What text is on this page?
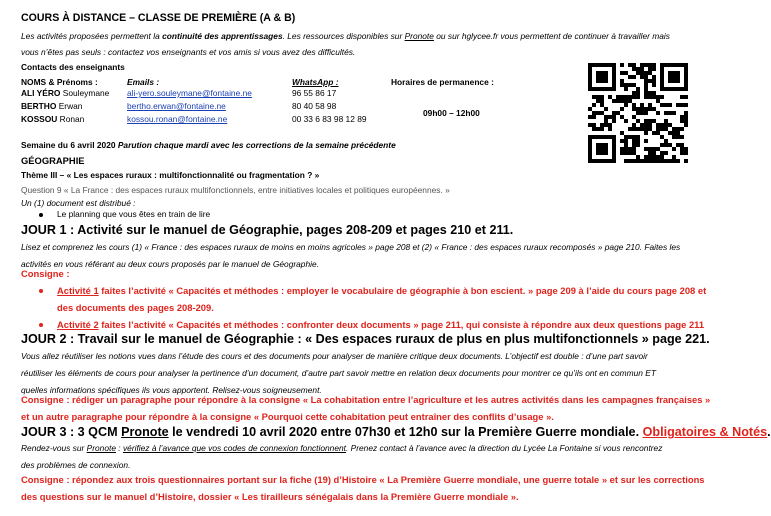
COURS À DISTANCE – CLASSE DE PREMIÈRE (A & B)
Les activités proposées permettent la continuité des apprentissages. Les ressources disponibles sur Pronote ou sur hglycee.fr vous permettent de continuer à travailler mais
vous n’êtes pas seuls : contactez vos enseignants et vos amis si vous avez des difficultés.
Contacts des enseignants
NOMS & Prénoms :	Emails :	WhatsApp :	Horaires de permanence :
09h00 – 12h00
ALI YÉRO Souleymane ali-yero.souleymane@fontaine.ne	96 55 86 17
BERTHO Erwan	bertho.erwan@fontaine.ne	80 40 58 98
KOSSOU Ronan	kossou.ronan@fontaine.ne	00 33 6 83 98 12 89
Semaine du 6 avril 2020 Parution chaque mardi avec les corrections de la semaine précédente
GÉOGRAPHIE
Thème III – « Les espaces ruraux : multifonctionnalité ou fragmentation ? »
Question 9 « La France : des espaces ruraux multifonctionnels, entre initiatives locales et politiques européennes. »
Un (1) document est distribué :
Le planning que vous êtes en train de lire
JOUR 1 : Activité sur le manuel de Géographie, pages 208-209 et pages 210 et 211.
Lisez et comprenez les cours (1) « France : des espaces ruraux de moins en moins agricoles » page 208 et (2) « France : des espaces ruraux recomposés » page 210. Faites les
activités en vous référant au deux cours proposés par le manuel de Géographie.
Consigne :
Activité 1 faites l’activité « Capacités et méthodes : employer le vocabulaire de géographie à bon escient. » page 209 à l’aide du cours page 208 et
des documents des pages 208-209.
Activité 2 faites l’activité « Capacités et méthodes : confronter deux documents » page 211, qui consiste à répondre aux deux questions page 211
JOUR 2 : Travail sur le manuel de Géographie : « Des espaces ruraux de plus en plus multifonctionnels » page 221.
Vous allez réutiliser les notions vues dans l’étude des cours et des documents pour analyser de manière critique deux documents. L’objectif est double : d’une part savoir
réutiliser les éléments de cours pour analyser la pertinence d’un document, d’autre part savoir mettre en relation deux documents pour montrer ce qu’ils ont en commun ET
quelles informations spécifiques ils vous apportent. Relisez-vous soigneusement.
Consigne : rédiger un paragraphe pour répondre à la consigne « La cohabitation entre l’agriculture et les autres activités dans les campagnes françaises »
et un autre paragraphe pour répondre à la consigne « Pourquoi cette cohabitation peut entraîner des conflits d’usage ».
JOUR 3 : 3 QCM Pronote le vendredi 10 avril 2020 entre 07h30 et 12h0 sur la Première Guerre mondiale. Obligatoires & Notés.
Rendez-vous sur Pronote : vérifiez à l’avance que vos codes de connexion fonctionnent. Prenez contact à l’avance avec la direction du Lycée La Fontaine si vous rencontrez
des problèmes de connexion.
Consigne : répondez aux trois questionnaires portant sur la fiche (19) d’Histoire « La Première Guerre mondiale, une guerre totale » et sur les corrections
des questions sur le manuel d’Histoire, dossier « Les tirailleurs sénégalais dans la Première Guerre mondiale ».
